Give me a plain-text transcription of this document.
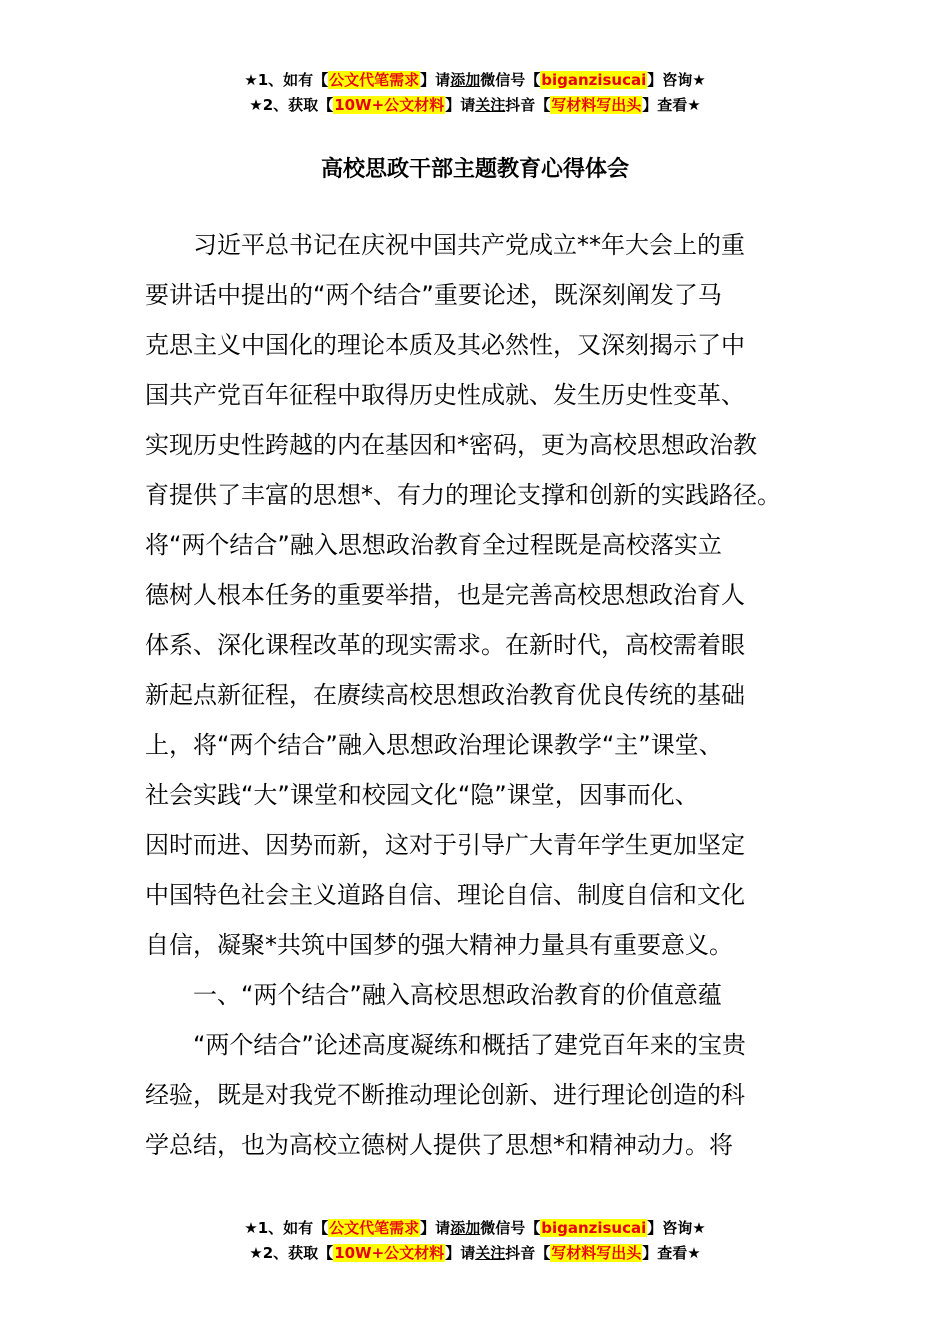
★1、如有【公文代笔需求】请添加微信号【biganzisucai】咨询★
★2、获取【10W+公文材料】请关注抖音【写材料写出头】查看★
高校思政干部主题教育心得体会
习近平总书记在庆祝中国共产党成立**年大会上的重
要讲话中提出的“两个结合”重要论述，既深刻阐发了马
克思主义中国化的理论本质及其必然性，又深刻揭示了中
国共产党百年征程中取得历史性成就、发生历史性变革、
实现历史性跨越的内在基因和*密码，更为高校思想政治教
育提供了丰富的思想*、有力的理论支撑和创新的实践路径。
将“两个结合”融入思想政治教育全过程既是高校落实立
德树人根本任务的重要举措，也是完善高校思想政治育人
体系、深化课程改革的现实需求。在新时代，高校需着眼
新起点新征程，在赓续高校思想政治教育优良传统的基础
上，将“两个结合”融入思想政治理论课教学“主”课堂、
社会实践“大”课堂和校园文化“隐”课堂，因事而化、
因时而进、因势而新，这对于引导广大青年学生更加坚定
中国特色社会主义道路自信、理论自信、制度自信和文化
自信，凝聚*共筑中国梦的强大精神力量具有重要意义。
一、“两个结合”融入高校思想政治教育的价值意蕴
“两个结合”论述高度凝练和概括了建党百年来的宝贵
经验，既是对我党不断推动理论创新、进行理论创造的科
学总结，也为高校立德树人提供了思想*和精神动力。将
★1、如有【公文代笔需求】请添加微信号【biganzisucai】咨询★
★2、获取【10W+公文材料】请关注抖音【写材料写出头】查看★
